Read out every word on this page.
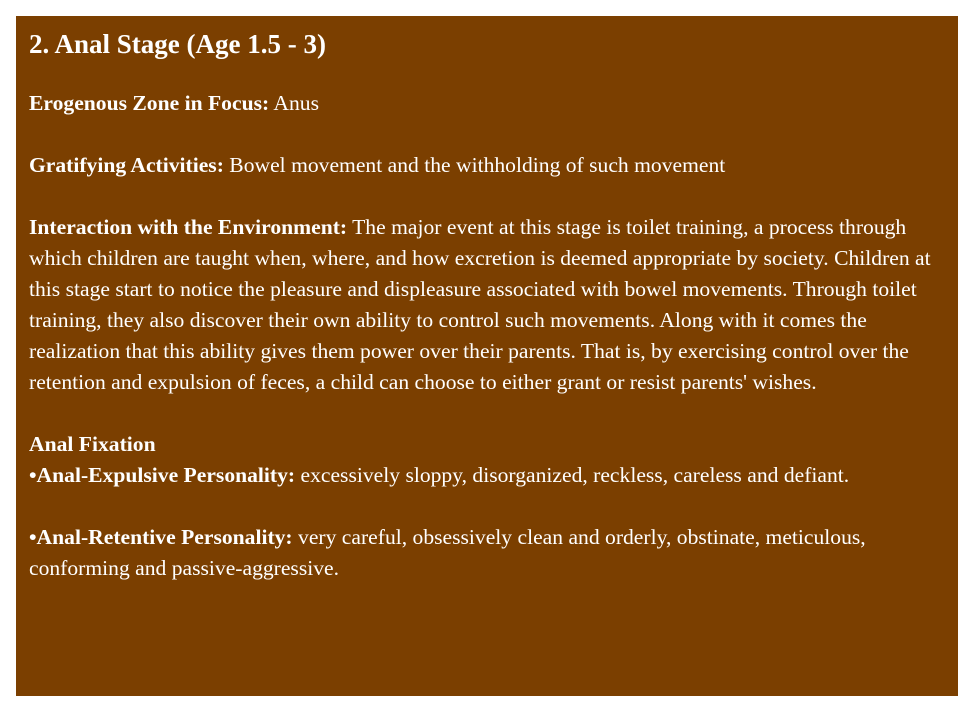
2. Anal Stage (Age 1.5 - 3)

Erogenous Zone in Focus: Anus

Gratifying Activities: Bowel movement and the withholding of such movement

Interaction with the Environment: The major event at this stage is toilet training, a process through which children are taught when, where, and how excretion is deemed appropriate by society. Children at this stage start to notice the pleasure and displeasure associated with bowel movements. Through toilet training, they also discover their own ability to control such movements. Along with it comes the realization that this ability gives them power over their parents. That is, by exercising control over the retention and expulsion of feces, a child can choose to either grant or resist parents' wishes.

Anal Fixation

•Anal-Expulsive Personality: excessively sloppy, disorganized, reckless, careless and defiant.

•Anal-Retentive Personality: very careful, obsessively clean and orderly, obstinate, meticulous, conforming and passive-aggressive.
